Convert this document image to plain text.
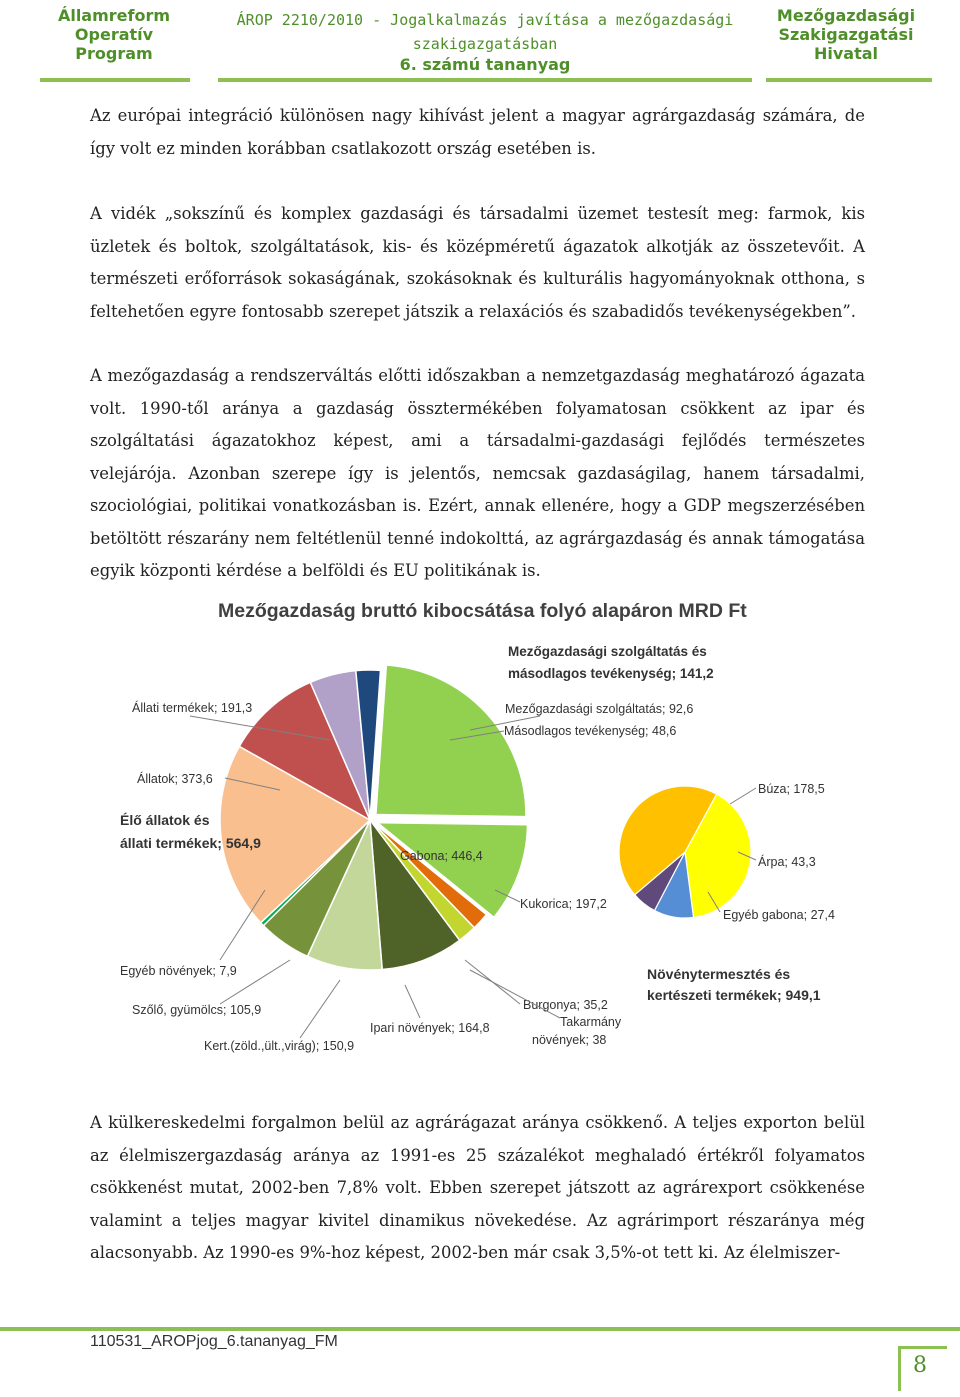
Államreform
Operatív
Program
ÁROP 2210/2010 - Jogalkalmazás javítása a mezőgazdasági
szakigazgatásban
6. számú tananyag
Mezőgazdasági
Szakigazgatási
Hivatal

Az európai integráció különösen nagy kihívást jelent a magyar agrárgazdaság számára, de így volt ez minden korábban csatlakozott ország esetében is.

A vidék „sokszínű és komplex gazdasági és társadalmi üzemet testesít meg: farmok, kis üzletek és boltok, szolgáltatások, kis- és középméretű ágazatok alkotják az összetevőit. A természeti erőforrások sokaságának, szokásoknak és kulturális hagyományoknak otthona, s feltehetően egyre fontosabb szerepet játszik a relaxációs és szabadidős tevékenységekben”.

A mezőgazdaság a rendszerváltás előtti időszakban a nemzetgazdaság meghatározó ágazata volt. 1990-től aránya a gazdaság össztermékében folyamatosan csökkent az ipar és szolgáltatási ágazatokhoz képest, ami a társadalmi-gazdasági fejlődés természetes velejárója. Azonban szerepe így is jelentős, nemcsak gazdaságilag, hanem társadalmi, szociológiai, politikai vonatkozásban is. Ezért, annak ellenére, hogy a GDP megszerzésében betöltött részarány nem feltétlenül tenné indokolttá, az agrárgazdaság és annak támogatása egyik központi kérdése a belföldi és EU politikának is.

Mezőgazdaság bruttó kibocsátása folyó alapáron MRD Ft
Élő állatok és
állati termékek; 564,9
Mezőgazdasági szolgáltatás és
másodlagos tevékenység; 141,2
Növénytermesztés és
kertészeti termékek; 949,1
Mezőgazdasági szolgáltatás; 92,6
Másodlagos tevékenység; 48,6
Állati termékek; 191,3
Állatok; 373,6
Gabona; 446,4
Kukorica; 197,2
Egyéb növények; 7,9
Szőlő, gyümölcs; 105,9
Kert.(zöld.,ült.,virág); 150,9
Ipari növények; 164,8
Burgonya; 35,2
Takarmány
növények; 38
Búza; 178,5
Árpa; 43,3
Egyéb gabona; 27,4

A külkereskedelmi forgalmon belül az agrárágazat aránya csökkenő. A teljes exporton belül az élelmiszergazdaság aránya az 1991-es 25 százalékot meghaladó értékről folyamatos csökkenést mutat, 2002-ben 7,8% volt. Ebben szerepet játszott az agrárexport csökkenése valamint a teljes magyar kivitel dinamikus növekedése. Az agrárimport részaránya még alacsonyabb. Az 1990-es 9%-hoz képest, 2002-ben már csak 3,5%-ot tett ki. Az élelmiszer-

110531_AROPjog_6.tananyag_FM
8
